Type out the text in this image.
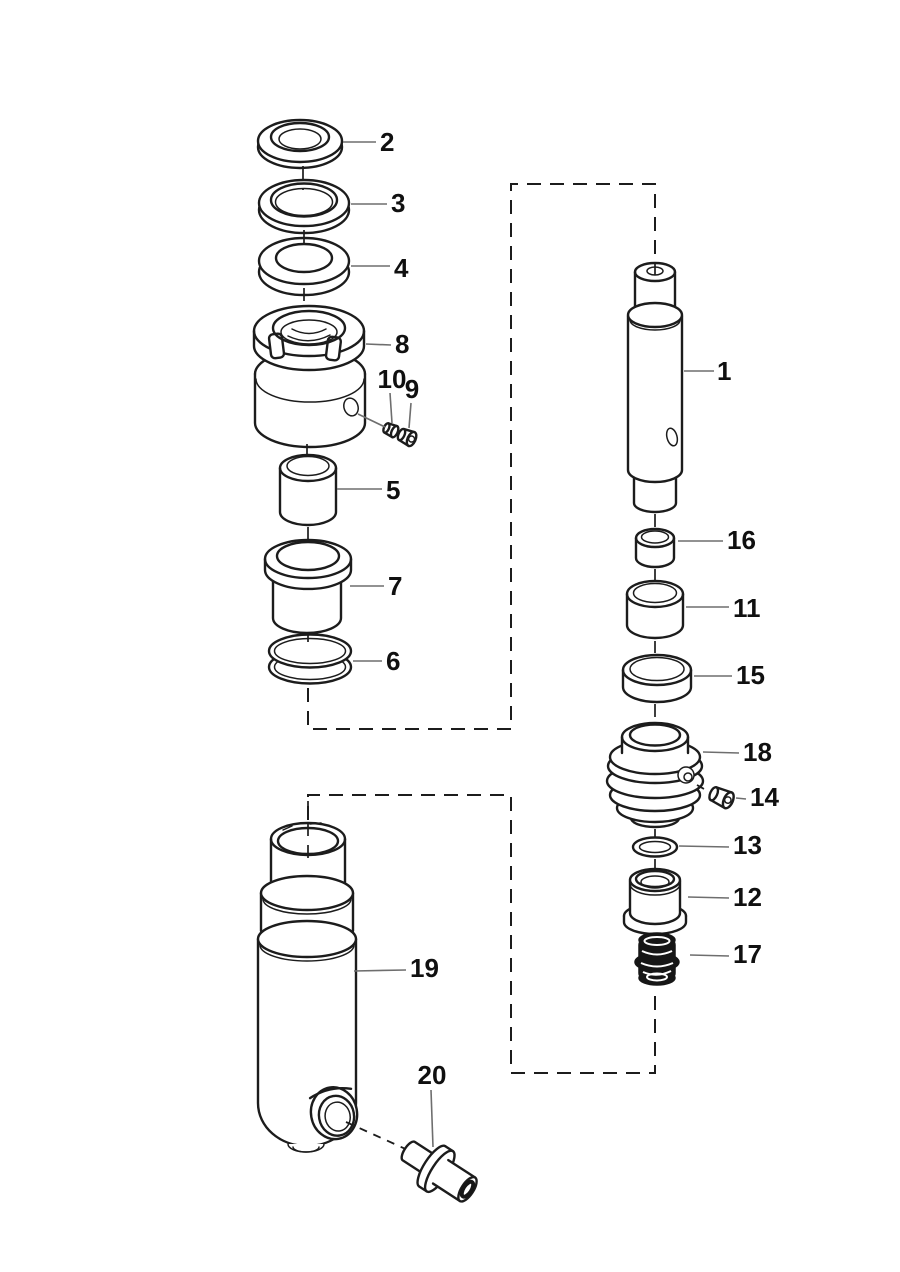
2
3
4
8
10
9
5
7
6
1
16
11
15
18
14
13
12
17
19
20
